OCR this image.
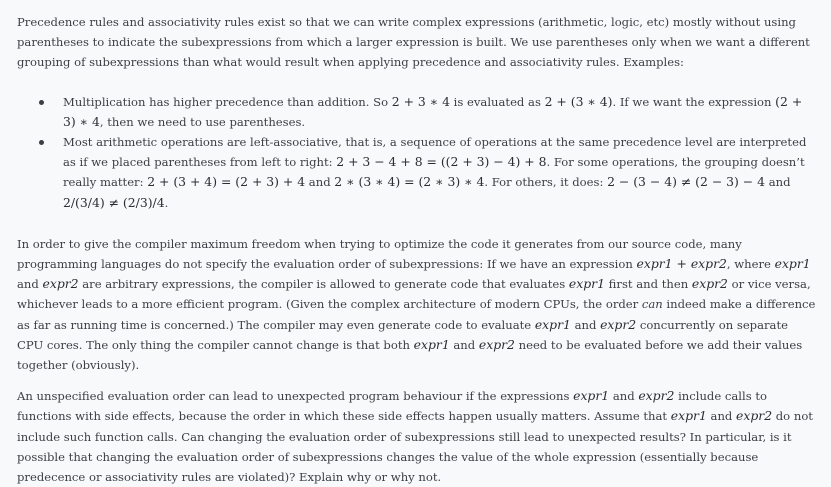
Precedence rules and associativity rules exist so that we can write complex expressions (arithmetic, logic, etc) mostly without using parentheses to indicate the subexpressions from which a larger expression is built. We use parentheses only when we want a different grouping of subexpressions than what would result when applying precedence and associativity rules. Examples:

Multiplication has higher precedence than addition. So 2 + 3 ∗ 4 is evaluated as 2 + (3 ∗ 4). If we want the expression (2 + 3) ∗ 4, then we need to use parentheses.
Most arithmetic operations are left-associative, that is, a sequence of operations at the same precedence level are interpreted as if we placed parentheses from left to right: 2 + 3 − 4 + 8 = ((2 + 3) − 4) + 8. For some operations, the grouping doesn’t really matter: 2 + (3 + 4) = (2 + 3) + 4 and 2 ∗ (3 ∗ 4) = (2 ∗ 3) ∗ 4. For others, it does: 2 − (3 − 4) ≠ (2 − 3) − 4 and 2/(3/4) ≠ (2/3)/4.

In order to give the compiler maximum freedom when trying to optimize the code it generates from our source code, many programming languages do not specify the evaluation order of subexpressions: If we have an expression expr1 + expr2, where expr1 and expr2 are arbitrary expressions, the compiler is allowed to generate code that evaluates expr1 first and then expr2 or vice versa, whichever leads to a more efficient program. (Given the complex architecture of modern CPUs, the order can indeed make a difference as far as running time is concerned.) The compiler may even generate code to evaluate expr1 and expr2 concurrently on separate CPU cores. The only thing the compiler cannot change is that both expr1 and expr2 need to be evaluated before we add their values together (obviously).

An unspecified evaluation order can lead to unexpected program behaviour if the expressions expr1 and expr2 include calls to functions with side effects, because the order in which these side effects happen usually matters. Assume that expr1 and expr2 do not include such function calls. Can changing the evaluation order of subexpressions still lead to unexpected results? In particular, is it possible that changing the evaluation order of subexpressions changes the value of the whole expression (essentially because predecence or associativity rules are violated)? Explain why or why not.
